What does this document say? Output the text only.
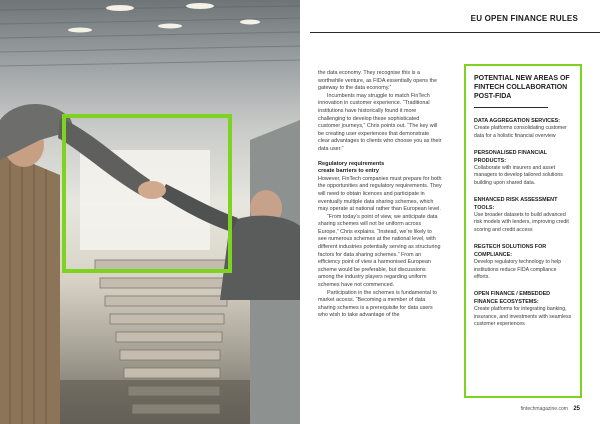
EU OPEN FINANCE RULES

the data economy. They recognise this is a worthwhile venture, as FIDA essentially opens the gateway to the data economy.”

Incumbents may struggle to match FinTech innovation in customer experience. “Traditional institutions have historically found it more challenging to develop these sophisticated customer journeys,” Chris points out. “The key will be creating user experiences that demonstrate clear advantages to clients who choose you as their data user.”

Regulatory requirements
create barriers to entry

However, FinTech companies must prepare for both the opportunities and regulatory requirements. They will need to obtain licences and participate in eventually multiple data sharing schemes, which may operate at national rather than European level.

“From today’s point of view, we anticipate data sharing schemes will not be uniform across Europe,” Chris explains. “Instead, we’re likely to see numerous schemes at the national level, with different industries potentially serving as structuring factors for data sharing schemes.” From an efficiency point of view a harmonised European scheme would be preferable, but discussions among the industry players regarding uniform schemes have not commenced.

Participation in the schemes is fundamental to market access. “Becoming a member of data sharing schemes is a prerequisite for data users who wish to take advantage of the

POTENTIAL NEW AREAS OF FINTECH COLLABORATION POST-FIDA

DATA AGGREGATION SERVICES:

Create platforms consolidating customer data for a holistic financial overview

PERSONALISED FINANCIAL PRODUCTS:

Collaborate with insurers and asset managers to develop tailored solutions building upon shared data.

ENHANCED RISK ASSESSMENT TOOLS:

Use broader datasets to build advanced risk models with lenders, improving credit scoring and credit access

REGTECH SOLUTIONS FOR COMPLIANCE:

Develop regulatory technology to help institutions reduce FIDA compliance efforts.

OPEN FINANCE / EMBEDDED FINANCE ECOSYSTEMS:

Create platforms for integrating banking, insurance, and investments with seamless customer experiences

fintechmagazine.com 25
